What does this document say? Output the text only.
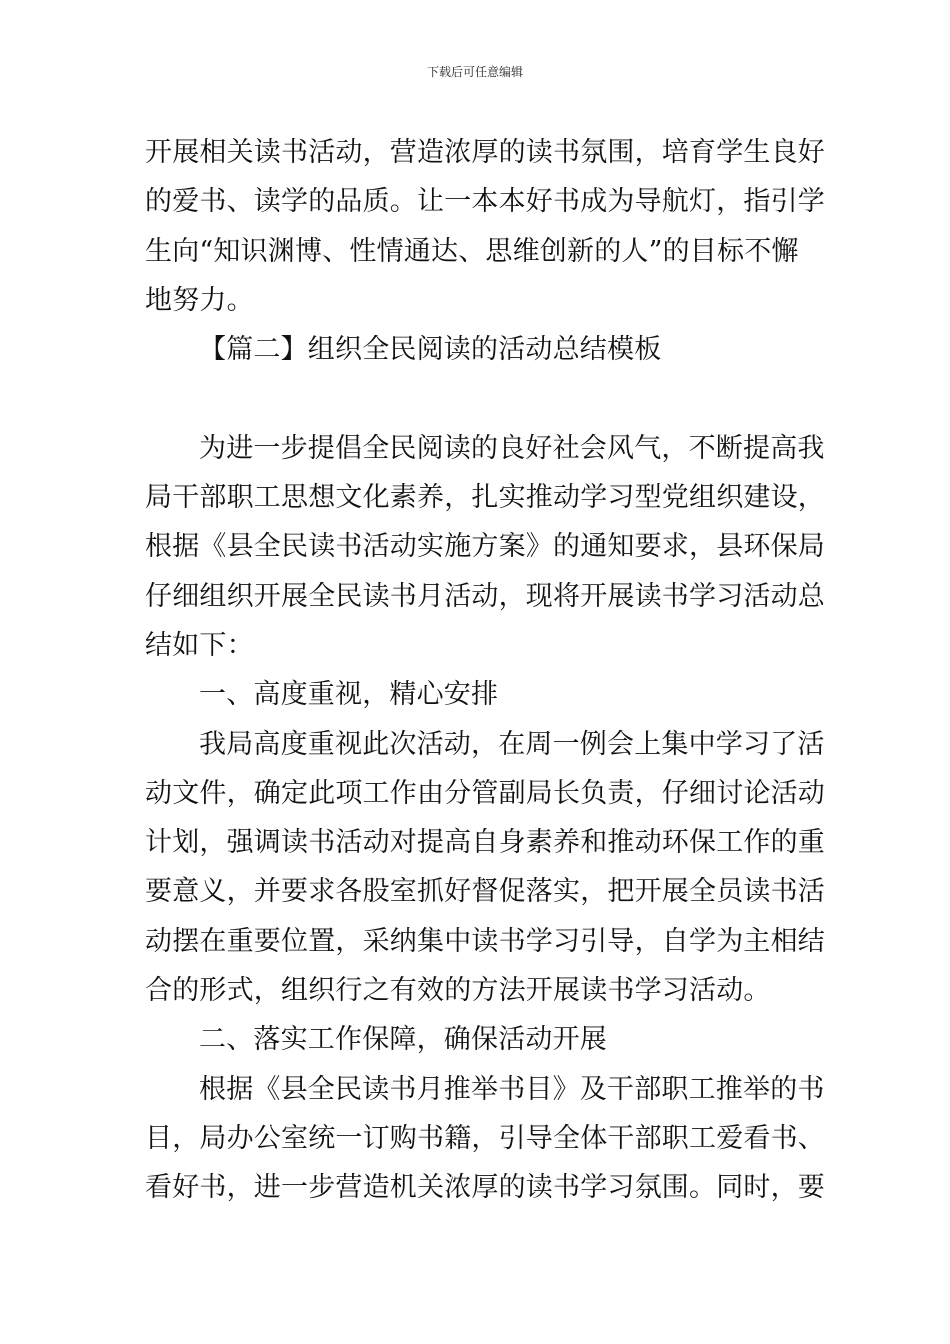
下载后可任意编辑
开展相关读书活动，营造浓厚的读书氛围，培育学生良好
的爱书、读学的品质。让一本本好书成为导航灯，指引学
生向“知识渊博、性情通达、思维创新的人”的目标不懈
地努力。
【篇二】组织全民阅读的活动总结模板
为进一步提倡全民阅读的良好社会风气，不断提高我
局干部职工思想文化素养，扎实推动学习型党组织建设，
根据《县全民读书活动实施方案》的通知要求，县环保局
仔细组织开展全民读书月活动，现将开展读书学习活动总
结如下：
一、高度重视，精心安排
我局高度重视此次活动，在周一例会上集中学习了活
动文件，确定此项工作由分管副局长负责，仔细讨论活动
计划，强调读书活动对提高自身素养和推动环保工作的重
要意义，并要求各股室抓好督促落实，把开展全员读书活
动摆在重要位置，采纳集中读书学习引导，自学为主相结
合的形式，组织行之有效的方法开展读书学习活动。
二、落实工作保障，确保活动开展
根据《县全民读书月推举书目》及干部职工推举的书
目，局办公室统一订购书籍，引导全体干部职工爱看书、
看好书，进一步营造机关浓厚的读书学习氛围。同时，要
